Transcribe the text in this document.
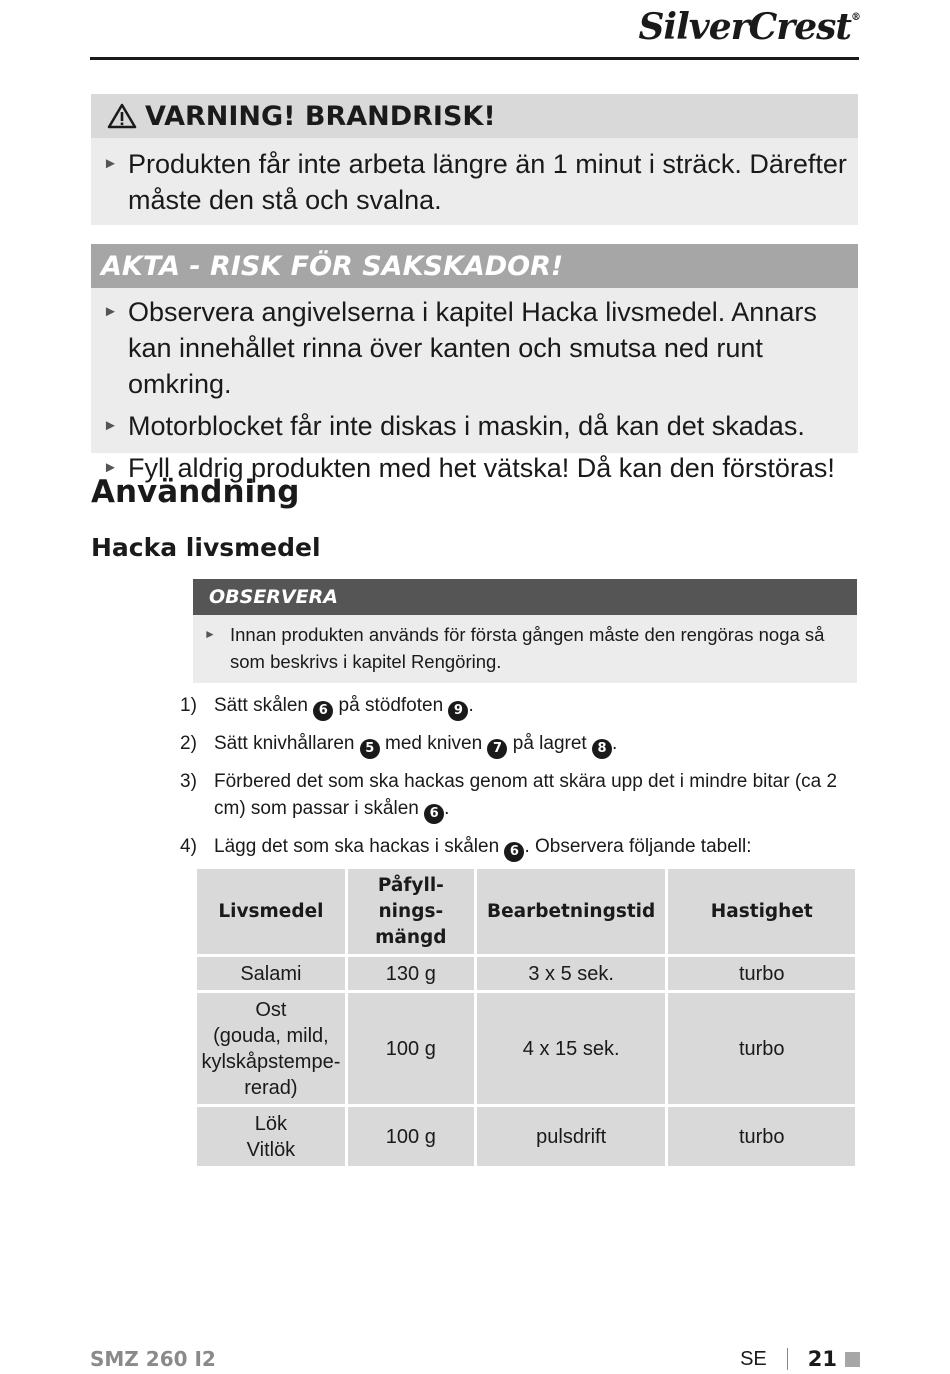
SilverCrest®
VARNING! BRANDRISK!
► Produkten får inte arbeta längre än 1 minut i sträck. Därefter måste den stå och svalna.
AKTA - RISK FÖR SAKSKADOR!
► Observera angivelserna i kapitel Hacka livsmedel. Annars kan innehållet rinna över kanten och smutsa ned runt omkring.
► Motorblocket får inte diskas i maskin, då kan det skadas.
► Fyll aldrig produkten med het vätska! Då kan den förstöras!
Användning
Hacka livsmedel
OBSERVERA
► Innan produkten används för första gången måste den rengöras noga så som beskrivs i kapitel Rengöring.
1) Sätt skålen 6 på stödfoten 9 .
2) Sätt knivhållaren 5 med kniven 7 på lagret 8 .
3) Förbered det som ska hackas genom att skära upp det i mindre bitar (ca 2 cm) som passar i skålen 6 .
4) Lägg det som ska hackas i skålen 6 . Observera följande tabell:
Livsmedel	Påfyll-
nings-
mängd	Bearbetningstid	Hastighet
Salami	130 g	3 x 5 sek.	turbo
Ost
(gouda, mild,
kylskåpstempe-
rerad)	100 g	4 x 15 sek.	turbo
Lök
Vitlök	100 g	pulsdrift	turbo
SMZ 260 I2	SE 21
